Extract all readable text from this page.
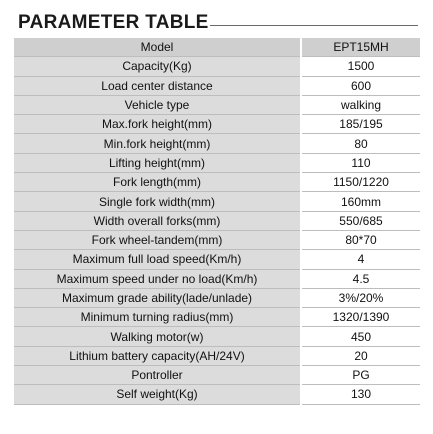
PARAMETER TABLE
Model	EPT15MH
Capacity(Kg)	1500
Load center distance	600
Vehicle type	walking
Max.fork height(mm)	185/195
Min.fork height(mm)	80
Lifting height(mm)	110
Fork length(mm)	1150/1220
Single fork width(mm)	160mm
Width overall forks(mm)	550/685
Fork wheel-tandem(mm)	80*70
Maximum full load speed(Km/h)	4
Maximum speed under no load(Km/h)	4.5
Maximum grade ability(lade/unlade)	3%/20%
Minimum turning radius(mm)	1320/1390
Walking motor(w)	450
Lithium battery capacity(AH/24V)	20
Pontroller	PG
Self weight(Kg)	130
